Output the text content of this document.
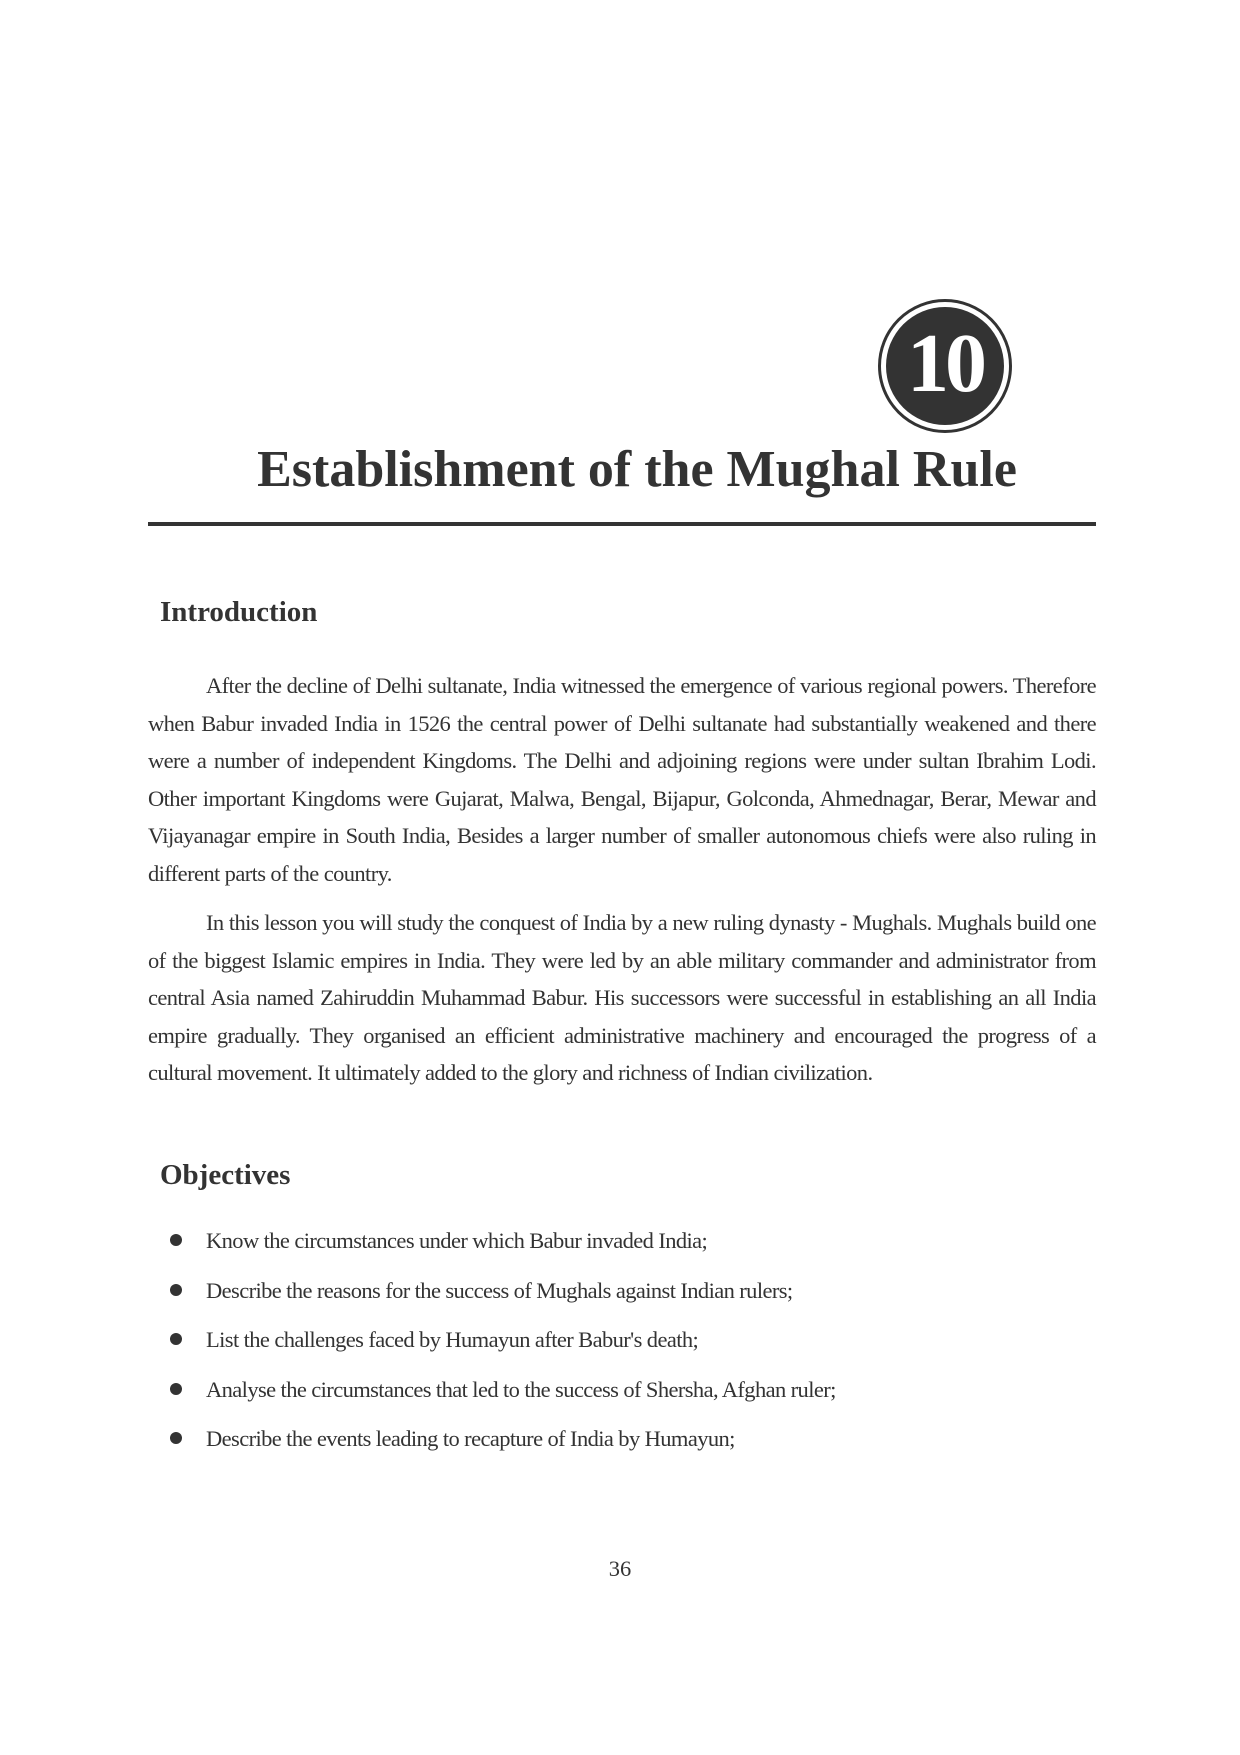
10
Establishment of the Mughal Rule
Introduction

After the decline of Delhi sultanate, India witnessed the emergence of various regional powers. Therefore when Babur invaded India in 1526 the central power of Delhi sultanate had substantially weakened and there were a number of independent Kingdoms. The Delhi and adjoining regions were under sultan Ibrahim Lodi. Other important Kingdoms were Gujarat, Malwa, Bengal, Bijapur, Golconda, Ahmednagar, Berar, Mewar and Vijayanagar empire in South India, Besides a larger number of smaller autonomous chiefs were also ruling in different parts of the country.

In this lesson you will study the conquest of India by a new ruling dynasty - Mughals. Mughals build one of the biggest Islamic empires in India. They were led by an able military commander and administrator from central Asia named Zahiruddin Muhammad Babur. His successors were successful in establishing an all India empire gradually. They organised an efficient administrative machinery and encouraged the progress of a cultural movement. It ultimately added to the glory and richness of Indian civilization.

Objectives
Know the circumstances under which Babur invaded India;
Describe the reasons for the success of Mughals against Indian rulers;
List the challenges faced by Humayun after Babur's death;
Analyse the circumstances that led to the success of Shersha, Afghan ruler;
Describe the events leading to recapture of India by Humayun;
36
